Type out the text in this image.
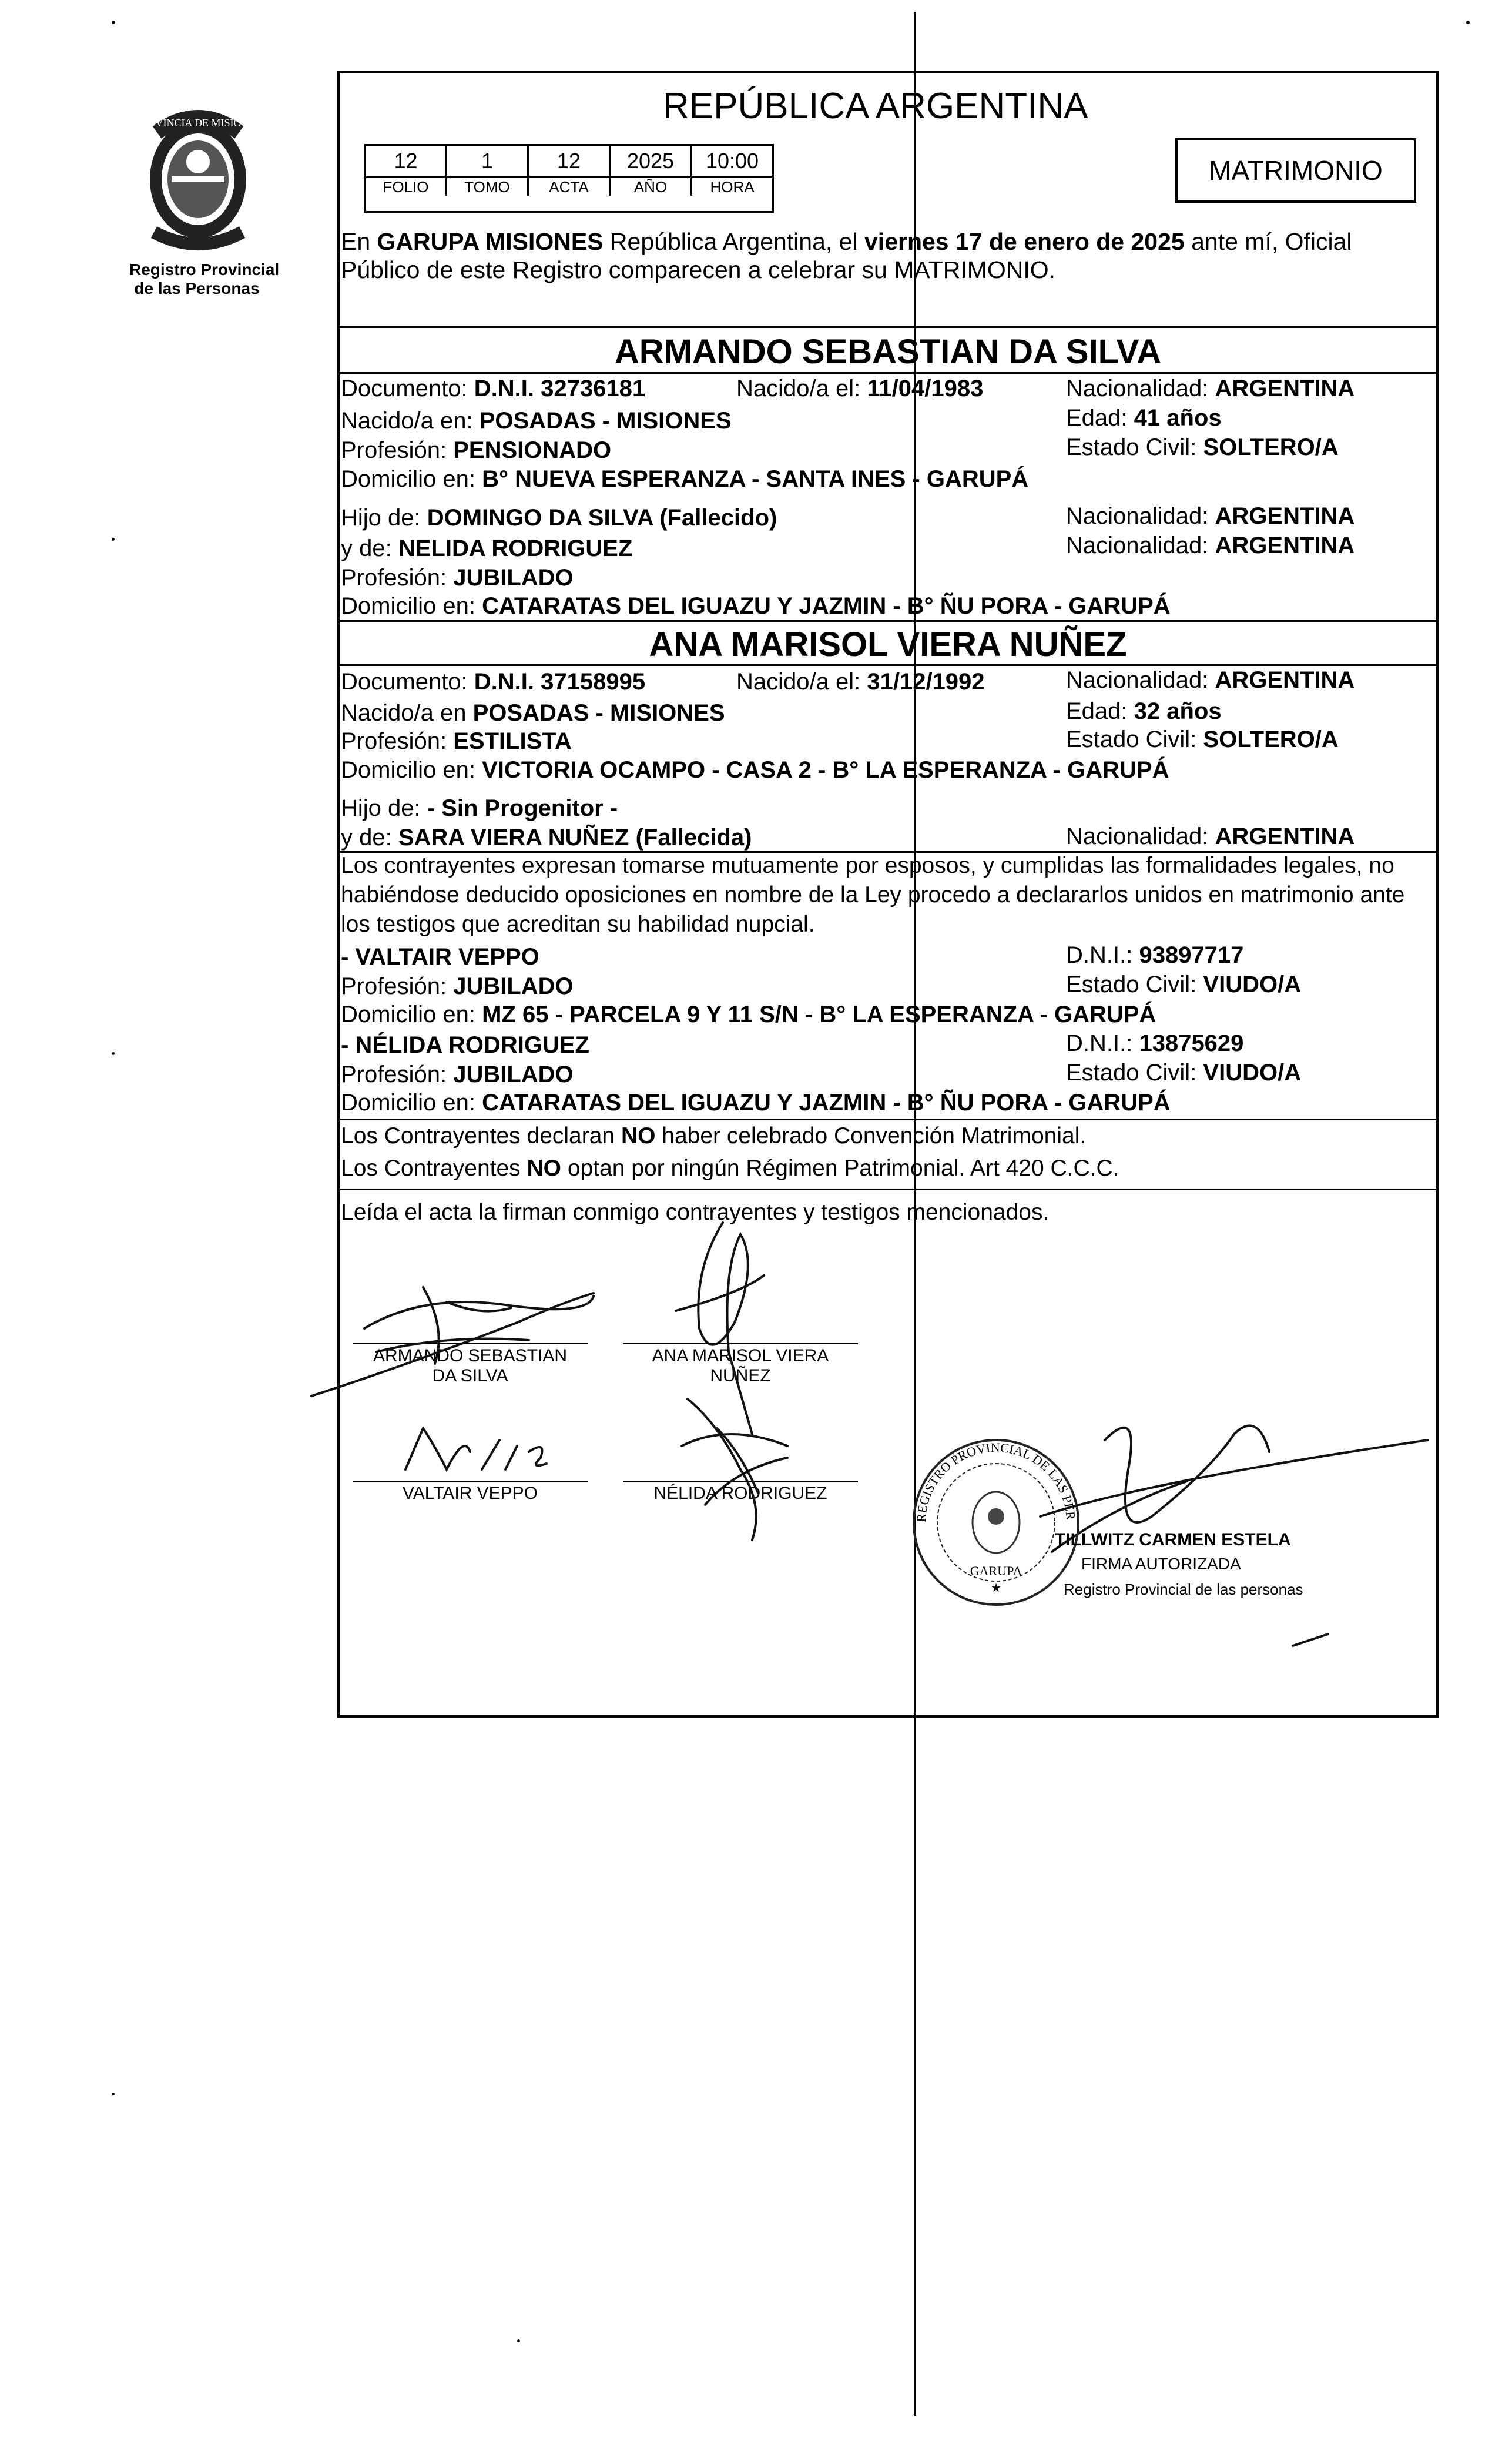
PROVINCIA DE MISIONES
Registro Provincial
de las Personas
REPÚBLICA ARGENTINA
MATRIMONIO
12	1	12	2025	10:00
FOLIO	TOMO	ACTA	AÑO	HORA
En GARUPA MISIONES República Argentina, el viernes 17 de enero de 2025 ante mí, Oficial
Público de este Registro comparecen a celebrar su MATRIMONIO.
ARMANDO SEBASTIAN DA SILVA
Documento: D.N.I. 32736181	Nacido/a el: 11/04/1983	Nacionalidad: ARGENTINA
Nacido/a en: POSADAS - MISIONES	Edad: 41 años
Profesión: PENSIONADO	Estado Civil: SOLTERO/A
Domicilio en: B° NUEVA ESPERANZA - SANTA INES - GARUPÁ
Hijo de: DOMINGO DA SILVA (Fallecido)	Nacionalidad: ARGENTINA
y de: NELIDA RODRIGUEZ	Nacionalidad: ARGENTINA
Profesión: JUBILADO
Domicilio en: CATARATAS DEL IGUAZU Y JAZMIN - B° ÑU PORA - GARUPÁ
ANA MARISOL VIERA NUÑEZ
Documento: D.N.I. 37158995	Nacido/a el: 31/12/1992	Nacionalidad: ARGENTINA
Nacido/a en POSADAS - MISIONES	Edad: 32 años
Profesión: ESTILISTA	Estado Civil: SOLTERO/A
Domicilio en: VICTORIA OCAMPO - CASA 2 - B° LA ESPERANZA - GARUPÁ
Hijo de: - Sin Progenitor -
y de: SARA VIERA NUÑEZ (Fallecida)	Nacionalidad: ARGENTINA
Los contrayentes expresan tomarse mutuamente por esposos, y cumplidas las formalidades legales, no
habiéndose deducido oposiciones en nombre de la Ley procedo a declararlos unidos en matrimonio ante
los testigos que acreditan su habilidad nupcial.
- VALTAIR VEPPO	D.N.I.: 93897717
Profesión: JUBILADO	Estado Civil: VIUDO/A
Domicilio en: MZ 65 - PARCELA 9 Y 11 S/N - B° LA ESPERANZA - GARUPÁ
- NÉLIDA RODRIGUEZ	D.N.I.: 13875629
Profesión: JUBILADO	Estado Civil: VIUDO/A
Domicilio en: CATARATAS DEL IGUAZU Y JAZMIN - B° ÑU PORA - GARUPÁ
Los Contrayentes declaran NO haber celebrado Convención Matrimonial.
Los Contrayentes NO optan por ningún Régimen Patrimonial. Art 420 C.C.C.
Leída el acta la firman conmigo contrayentes y testigos mencionados.
ARMANDO SEBASTIAN
DA SILVA
ANA MARISOL VIERA
NUÑEZ
VALTAIR VEPPO	NÉLIDA RODRIGUEZ
★
REGISTRO PROVINCIAL DE LAS PER
GARUPA
TILLWITZ CARMEN ESTELA
FIRMA AUTORIZADA
Registro Provincial de las personas
